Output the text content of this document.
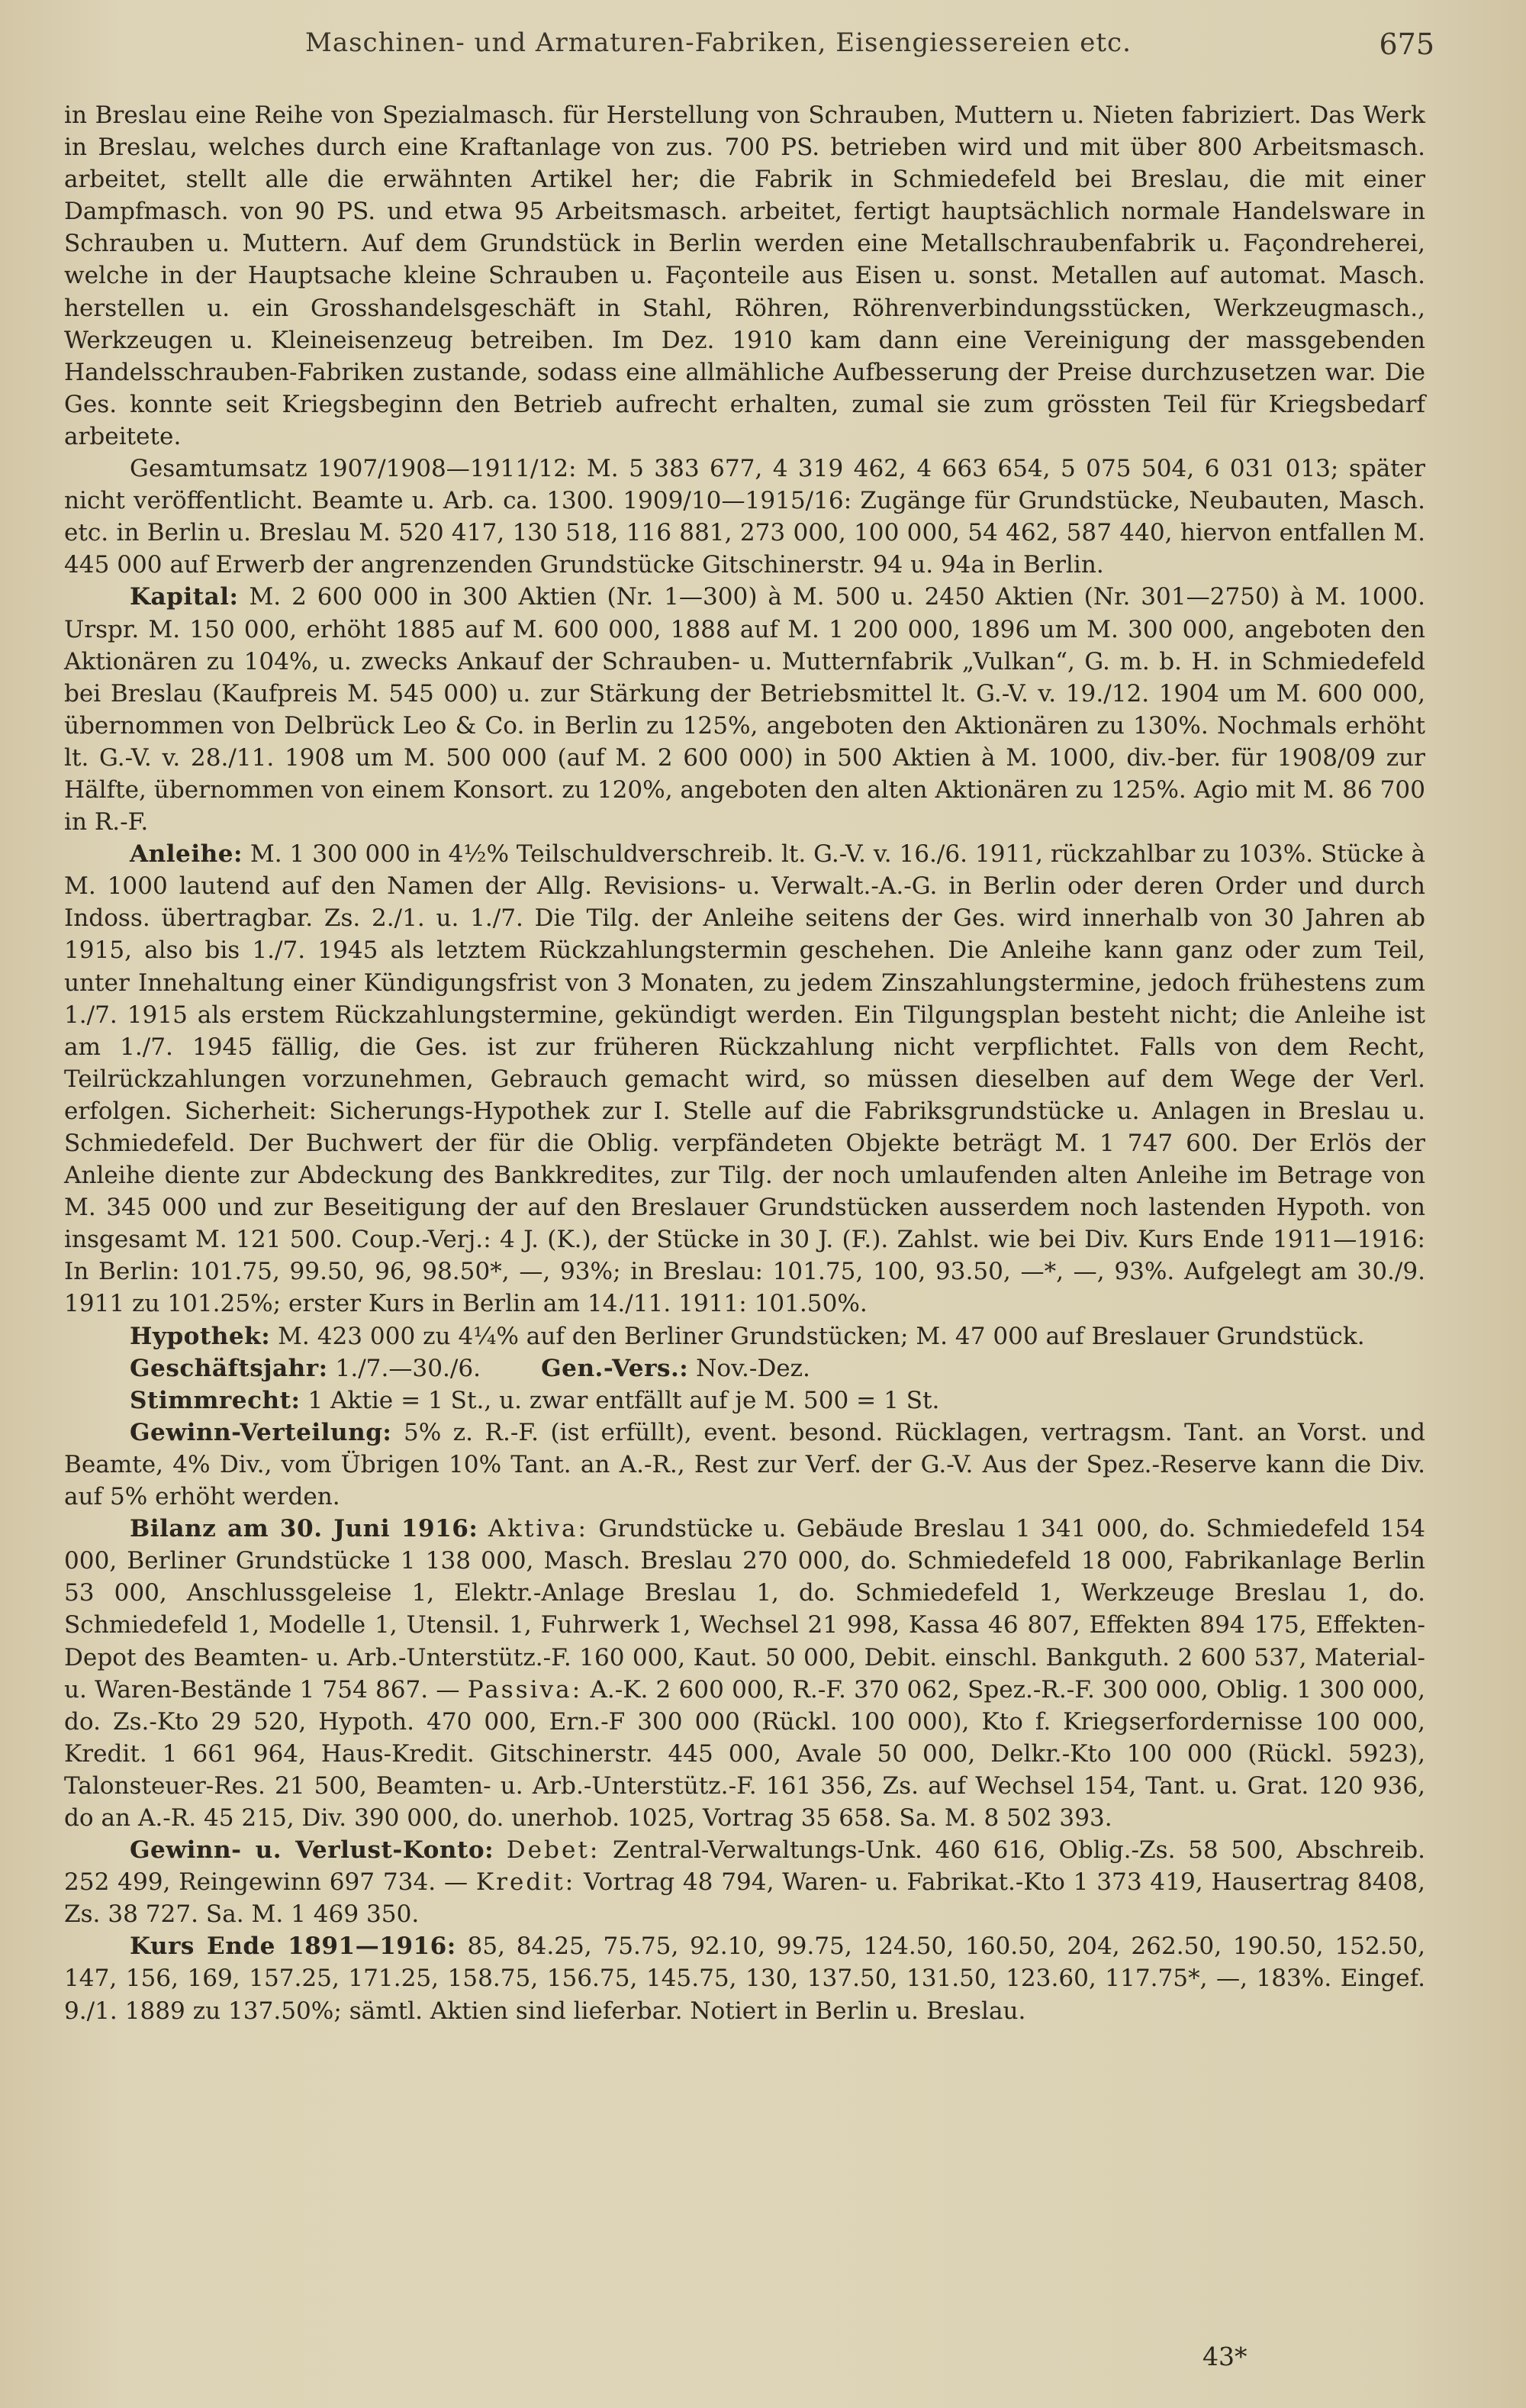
Maschinen- und Armaturen-Fabriken, Eisengiessereien etc.	675

in Breslau eine Reihe von Spezialmasch. für Herstellung von Schrauben, Muttern u. Nieten fabriziert. Das Werk in Breslau, welches durch eine Kraftanlage von zus. 700 PS. betrieben wird und mit über 800 Arbeitsmasch. arbeitet, stellt alle die erwähnten Artikel her; die Fabrik in Schmiedefeld bei Breslau, die mit einer Dampfmasch. von 90 PS. und etwa 95 Arbeitsmasch. arbeitet, fertigt hauptsächlich normale Handelsware in Schrauben u. Muttern. Auf dem Grundstück in Berlin werden eine Metallschraubenfabrik u. Façondreherei, welche in der Hauptsache kleine Schrauben u. Façonteile aus Eisen u. sonst. Metallen auf automat. Masch. herstellen u. ein Grosshandelsgeschäft in Stahl, Röhren, Röhrenverbindungsstücken, Werkzeugmasch., Werkzeugen u. Kleineisenzeug betreiben. Im Dez. 1910 kam dann eine Vereinigung der massgebenden Handelsschrauben-Fabriken zustande, sodass eine allmähliche Aufbesserung der Preise durchzusetzen war. Die Ges. konnte seit Kriegsbeginn den Betrieb aufrecht erhalten, zumal sie zum grössten Teil für Kriegsbedarf arbeitete.

Gesamtumsatz 1907/1908—1911/12: M. 5 383 677, 4 319 462, 4 663 654, 5 075 504, 6 031 013; später nicht veröffentlicht. Beamte u. Arb. ca. 1300. 1909/10—1915/16: Zugänge für Grundstücke, Neubauten, Masch. etc. in Berlin u. Breslau M. 520 417, 130 518, 116 881, 273 000, 100 000, 54 462, 587 440, hiervon entfallen M. 445 000 auf Erwerb der angrenzenden Grundstücke Gitschinerstr. 94 u. 94a in Berlin.

Kapital: M. 2 600 000 in 300 Aktien (Nr. 1—300) à M. 500 u. 2450 Aktien (Nr. 301—2750) à M. 1000. Urspr. M. 150 000, erhöht 1885 auf M. 600 000, 1888 auf M. 1 200 000, 1896 um M. 300 000, angeboten den Aktionären zu 104%, u. zwecks Ankauf der Schrauben- u. Mutternfabrik „Vulkan“, G. m. b. H. in Schmiedefeld bei Breslau (Kaufpreis M. 545 000) u. zur Stärkung der Betriebsmittel lt. G.-V. v. 19./12. 1904 um M. 600 000, übernommen von Delbrück Leo & Co. in Berlin zu 125%, angeboten den Aktionären zu 130%. Nochmals erhöht lt. G.-V. v. 28./11. 1908 um M. 500 000 (auf M. 2 600 000) in 500 Aktien à M. 1000, div.-ber. für 1908/09 zur Hälfte, übernommen von einem Konsort. zu 120%, angeboten den alten Aktionären zu 125%. Agio mit M. 86 700 in R.-F.

Anleihe: M. 1 300 000 in 4½% Teilschuldverschreib. lt. G.-V. v. 16./6. 1911, rückzahlbar zu 103%. Stücke à M. 1000 lautend auf den Namen der Allg. Revisions- u. Verwalt.-A.-G. in Berlin oder deren Order und durch Indoss. übertragbar. Zs. 2./1. u. 1./7. Die Tilg. der Anleihe seitens der Ges. wird innerhalb von 30 Jahren ab 1915, also bis 1./7. 1945 als letztem Rückzahlungstermin geschehen. Die Anleihe kann ganz oder zum Teil, unter Innehaltung einer Kündigungsfrist von 3 Monaten, zu jedem Zinszahlungstermine, jedoch frühestens zum 1./7. 1915 als erstem Rückzahlungstermine, gekündigt werden. Ein Tilgungsplan besteht nicht; die Anleihe ist am 1./7. 1945 fällig, die Ges. ist zur früheren Rückzahlung nicht verpflichtet. Falls von dem Recht, Teilrückzahlungen vorzunehmen, Gebrauch gemacht wird, so müssen dieselben auf dem Wege der Verl. erfolgen. Sicherheit: Sicherungs-Hypothek zur I. Stelle auf die Fabriksgrundstücke u. Anlagen in Breslau u. Schmiedefeld. Der Buchwert der für die Oblig. verpfändeten Objekte beträgt M. 1 747 600. Der Erlös der Anleihe diente zur Abdeckung des Bankkredites, zur Tilg. der noch umlaufenden alten Anleihe im Betrage von M. 345 000 und zur Beseitigung der auf den Breslauer Grundstücken ausserdem noch lastenden Hypoth. von insgesamt M. 121 500. Coup.-Verj.: 4 J. (K.), der Stücke in 30 J. (F.). Zahlst. wie bei Div. Kurs Ende 1911—1916: In Berlin: 101.75, 99.50, 96, 98.50*, —, 93%; in Breslau: 101.75, 100, 93.50, —*, —, 93%. Aufgelegt am 30./9. 1911 zu 101.25%; erster Kurs in Berlin am 14./11. 1911: 101.50%.

Hypothek: M. 423 000 zu 4¼% auf den Berliner Grundstücken; M. 47 000 auf Breslauer Grundstück.

Geschäftsjahr: 1./7.—30./6.	Gen.-Vers.: Nov.-Dez.

Stimmrecht: 1 Aktie = 1 St., u. zwar entfällt auf je M. 500 = 1 St.

Gewinn-Verteilung: 5% z. R.-F. (ist erfüllt), event. besond. Rücklagen, vertragsm. Tant. an Vorst. und Beamte, 4% Div., vom Übrigen 10% Tant. an A.-R., Rest zur Verf. der G.-V. Aus der Spez.-Reserve kann die Div. auf 5% erhöht werden.

Bilanz am 30. Juni 1916: Aktiva: Grundstücke u. Gebäude Breslau 1 341 000, do. Schmiedefeld 154 000, Berliner Grundstücke 1 138 000, Masch. Breslau 270 000, do. Schmiedefeld 18 000, Fabrikanlage Berlin 53 000, Anschlussgeleise 1, Elektr.-Anlage Breslau 1, do. Schmiedefeld 1, Werkzeuge Breslau 1, do. Schmiedefeld 1, Modelle 1, Utensil. 1, Fuhrwerk 1, Wechsel 21 998, Kassa 46 807, Effekten 894 175, Effekten-Depot des Beamten- u. Arb.-Unterstütz.-F. 160 000, Kaut. 50 000, Debit. einschl. Bankguth. 2 600 537, Material- u. Waren-Bestände 1 754 867. — Passiva: A.-K. 2 600 000, R.-F. 370 062, Spez.-R.-F. 300 000, Oblig. 1 300 000, do. Zs.-Kto 29 520, Hypoth. 470 000, Ern.-F 300 000 (Rückl. 100 000), Kto f. Kriegserfordernisse 100 000, Kredit. 1 661 964, Haus-Kredit. Gitschinerstr. 445 000, Avale 50 000, Delkr.-Kto 100 000 (Rückl. 5923), Talonsteuer-Res. 21 500, Beamten- u. Arb.-Unterstütz.-F. 161 356, Zs. auf Wechsel 154, Tant. u. Grat. 120 936, do an A.-R. 45 215, Div. 390 000, do. unerhob. 1025, Vortrag 35 658. Sa. M. 8 502 393.

Gewinn- u. Verlust-Konto: Debet: Zentral-Verwaltungs-Unk. 460 616, Oblig.-Zs. 58 500, Abschreib. 252 499, Reingewinn 697 734. — Kredit: Vortrag 48 794, Waren- u. Fabrikat.-Kto 1 373 419, Hausertrag 8408, Zs. 38 727. Sa. M. 1 469 350.

Kurs Ende 1891—1916: 85, 84.25, 75.75, 92.10, 99.75, 124.50, 160.50, 204, 262.50, 190.50, 152.50, 147, 156, 169, 157.25, 171.25, 158.75, 156.75, 145.75, 130, 137.50, 131.50, 123.60, 117.75*, —, 183%. Eingef. 9./1. 1889 zu 137.50%; sämtl. Aktien sind lieferbar. Notiert in Berlin u. Breslau.

43*
